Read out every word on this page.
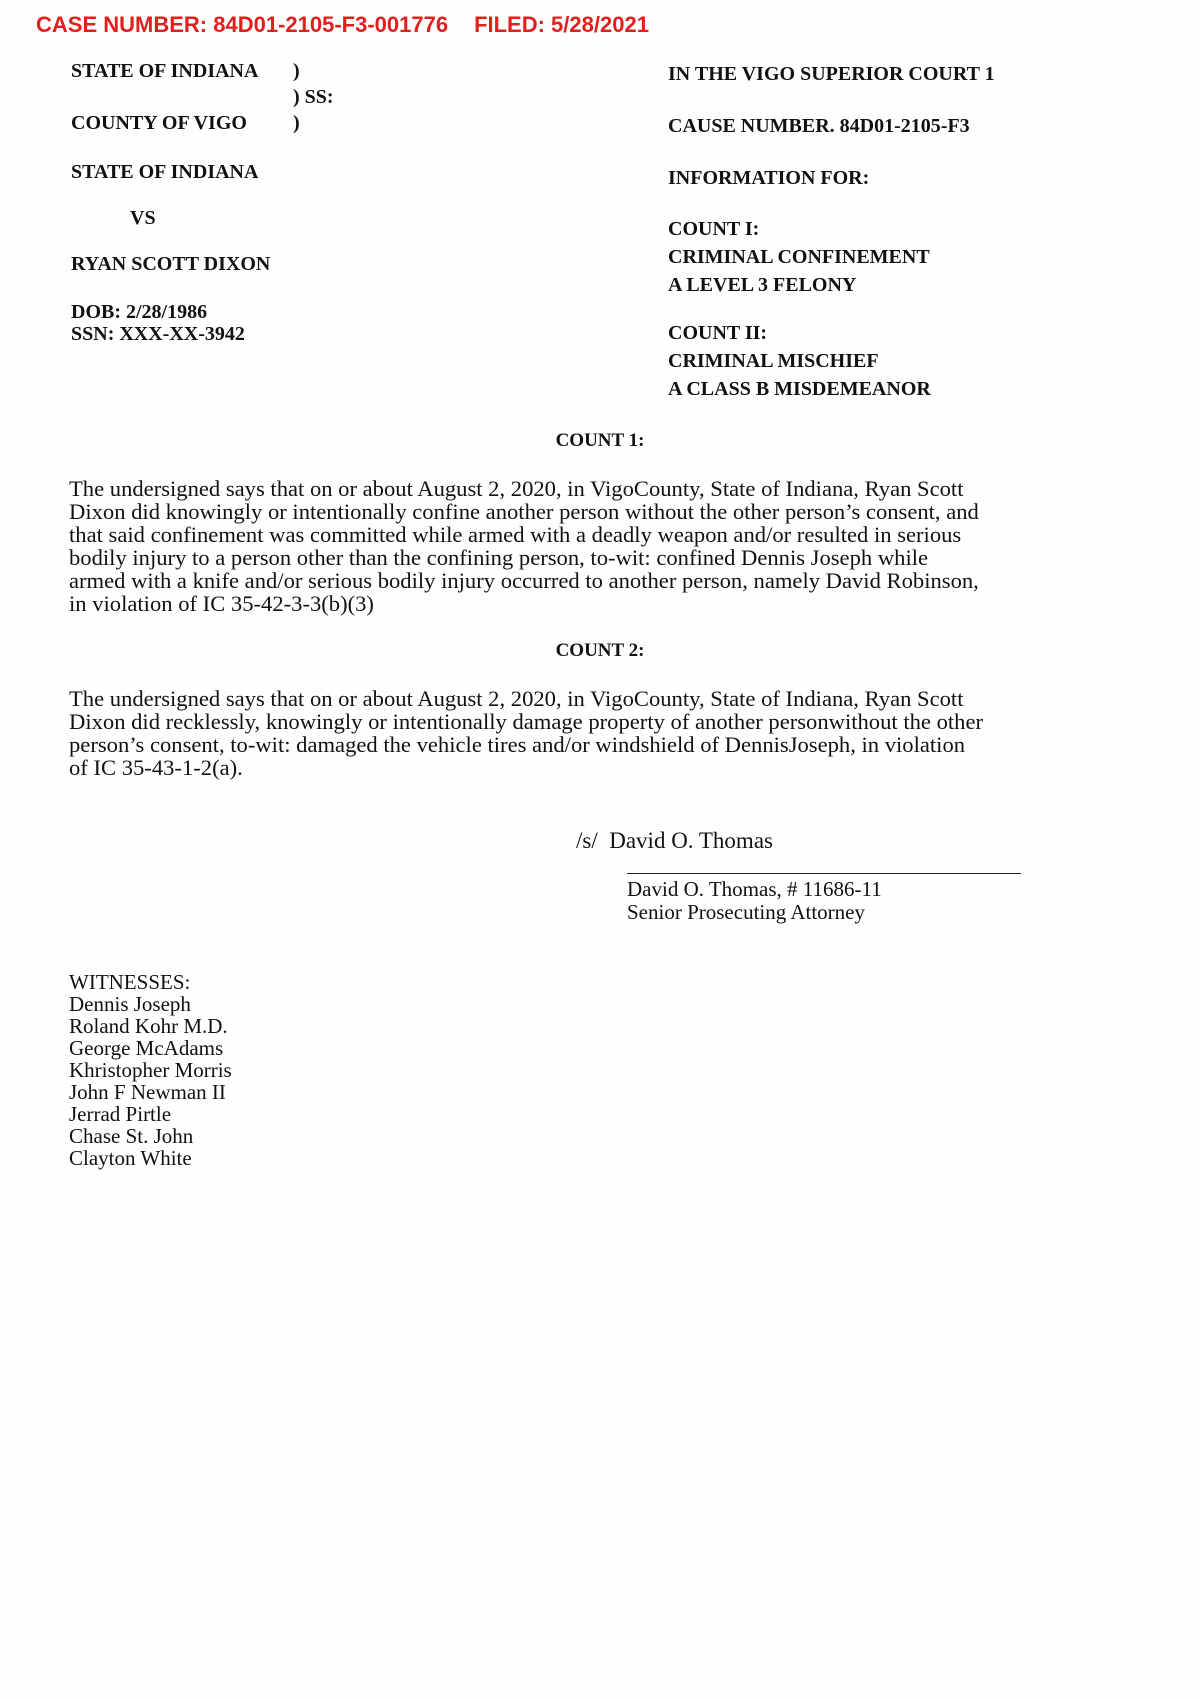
CASE NUMBER: 84D01-2105-F3-001776 FILED: 5/28/2021
STATE OF INDIANA )
) SS:
COUNTY OF VIGO )
STATE OF INDIANA
VS
RYAN SCOTT DIXON
DOB: 2/28/1986
SSN: XXX-XX-3942
IN THE VIGO SUPERIOR COURT 1
CAUSE NUMBER. 84D01-2105-F3
INFORMATION FOR:
COUNT I:
CRIMINAL CONFINEMENT
A LEVEL 3 FELONY
COUNT II:
CRIMINAL MISCHIEF
A CLASS B MISDEMEANOR
COUNT 1:
The undersigned says that on or about August 2, 2020, in VigoCounty, State of Indiana, Ryan Scott
Dixon did knowingly or intentionally confine another person without the other person’s consent, and
that said confinement was committed while armed with a deadly weapon and/or resulted in serious
bodily injury to a person other than the confining person, to-wit: confined Dennis Joseph while
armed with a knife and/or serious bodily injury occurred to another person, namely David Robinson,
in violation of IC 35-42-3-3(b)(3)
COUNT 2:
The undersigned says that on or about August 2, 2020, in VigoCounty, State of Indiana, Ryan Scott
Dixon did recklessly, knowingly or intentionally damage property of another personwithout the other
person’s consent, to-wit: damaged the vehicle tires and/or windshield of DennisJoseph, in violation
of IC 35-43-1-2(a).
/s/  David O. Thomas
David O. Thomas, # 11686-11
Senior Prosecuting Attorney
WITNESSES:
Dennis Joseph
Roland Kohr M.D.
George McAdams
Khristopher Morris
John F Newman II
Jerrad Pirtle
Chase St. John
Clayton White
